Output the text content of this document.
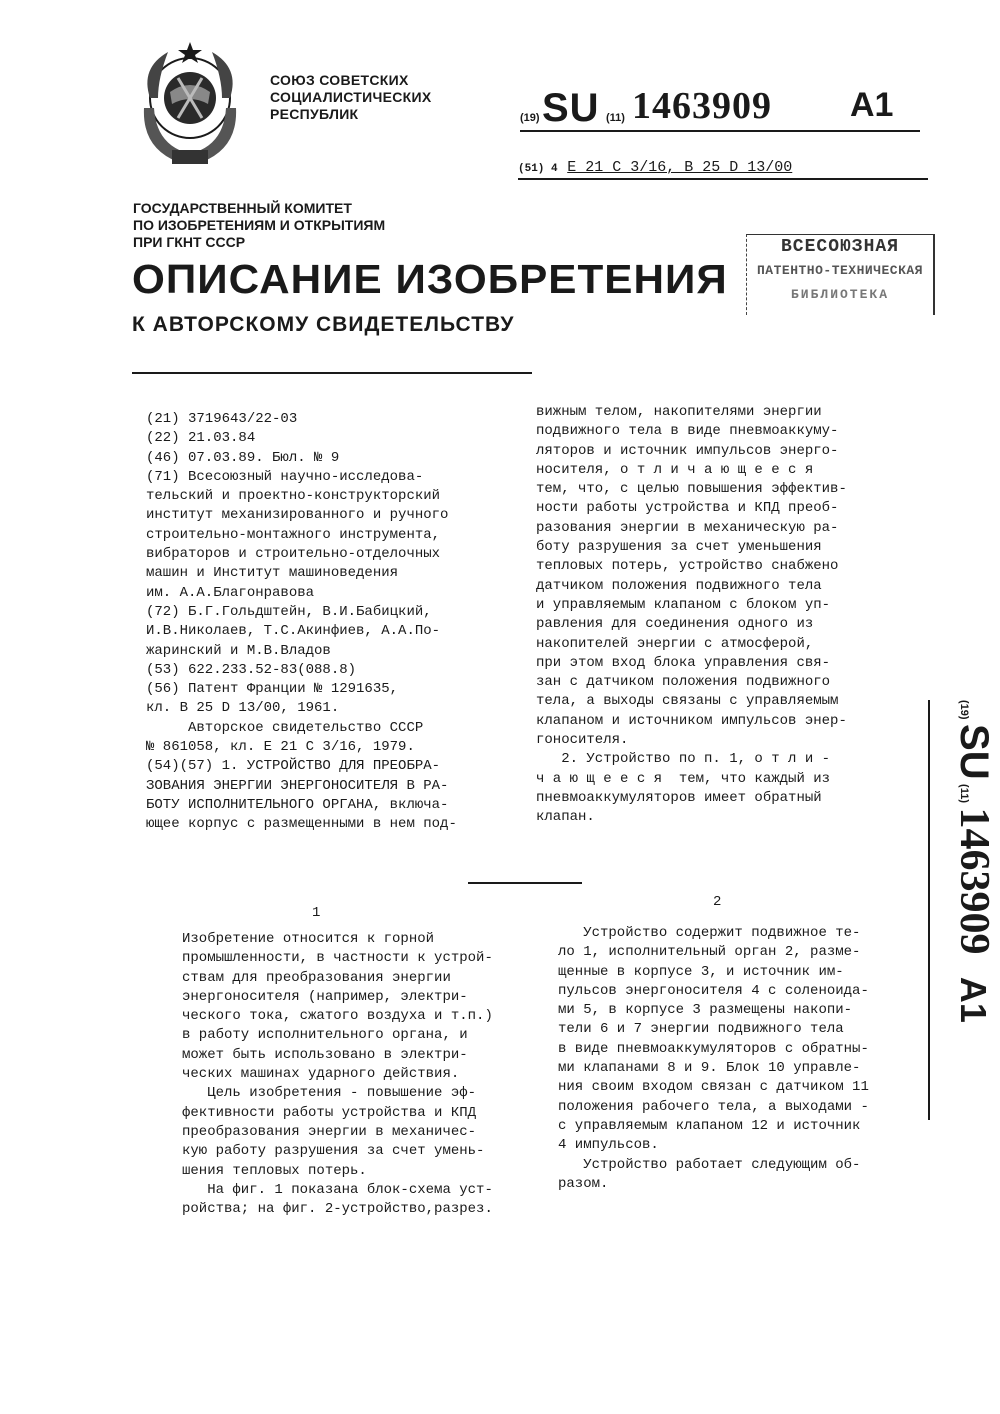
СОЮЗ СОВЕТСКИХ
СОЦИАЛИСТИЧЕСКИХ
РЕСПУБЛИК	(19) SU (11) 1463909 A1
(51) 4 E 21 C 3/16, B 25 D 13/00
ГОСУДАРСТВЕННЫЙ КОМИТЕТ
ПО ИЗОБРЕТЕНИЯМ И ОТКРЫТИЯМ
ПРИ ГКНТ СССР
ОПИСАНИЕ ИЗОБРЕТЕНИЯ
К АВТОРСКОМУ СВИДЕТЕЛЬСТВУ
ВСЕСОЮЗНАЯ
ПАТЕНТНО-ТЕХНИЧЕСКАЯ
БИБЛИОТЕКА

(21) 3719643/22-03

(22) 21.03.84

(46) 07.03.89. Бюл. № 9

(71) Всесоюзный научно-исследова-

тельский и проектно-конструкторский

институт механизированного и ручного

строительно-монтажного инструмента,

вибраторов и строительно-отделочных

машин и Институт машиноведения

им. А.А.Благонравова

(72) Б.Г.Гольдштейн, В.И.Бабицкий,

И.В.Николаев, Т.С.Акинфиев, А.А.По-

жаринский и М.В.Владов

(53) 622.233.52-83(088.8)

(56) Патент Франции № 1291635,

кл. В 25 D 13/00, 1961.

Авторское свидетельство СССР

№ 861058, кл. Е 21 С 3/16, 1979.

(54)(57) 1. УСТРОЙСТВО ДЛЯ ПРЕОБРА-

ЗОВАНИЯ ЭНЕРГИИ ЭНЕРГОНОСИТЕЛЯ В РА-

БОТУ ИСПОЛНИТЕЛЬНОГО ОРГАНА, включа-

ющее корпус с размещенными в нем под-

вижным телом, накопителями энергии

подвижного тела в виде пневмоаккуму-

ляторов и источник импульсов энерго-

носителя, о т л и ч а ю щ е е с я

тем, что, с целью повышения эффектив-

ности работы устройства и КПД преоб-

разования энергии в механическую ра-

боту разрушения за счет уменьшения

тепловых потерь, устройство снабжено

датчиком положения подвижного тела

и управляемым клапаном с блоком уп-

равления для соединения одного из

накопителей энергии с атмосферой,

при этом вход блока управления свя-

зан с датчиком положения подвижного

тела, а выходы связаны с управляемым

клапаном и источником импульсов энер-

гоносителя.

2. Устройство по п. 1, о т л и -

ч а ю щ е е с я  тем, что каждый из

пневмоаккумуляторов имеет обратный

клапан.

1
2

Изобретение относится к горной

промышленности, в частности к устрой-

ствам для преобразования энергии

энергоносителя (например, электри-

ческого тока, сжатого воздуха и т.п.)

в работу исполнительного органа, и

может быть использовано в электри-

ческих машинах ударного действия.

Цель изобретения - повышение эф-

фективности работы устройства и КПД

преобразования энергии в механичес-

кую работу разрушения за счет умень-

шения тепловых потерь.

На фиг. 1 показана блок-схема уст-

ройства; на фиг. 2-устройство,разрез.

Устройство содержит подвижное те-

ло 1, исполнительный орган 2, разме-

щенные в корпусе 3, и источник им-

пульсов энергоносителя 4 с соленоида-

ми 5, в корпусе 3 размещены накопи-

тели 6 и 7 энергии подвижного тела

в виде пневмоаккумуляторов с обратны-

ми клапанами 8 и 9. Блок 10 управле-

ния своим входом связан с датчиком 11

положения рабочего тела, а выходами -

с управляемым клапаном 12 и источник

4 импульсов.

Устройство работает следующим об-

разом.

(19) SU (11) 1463909 A1
